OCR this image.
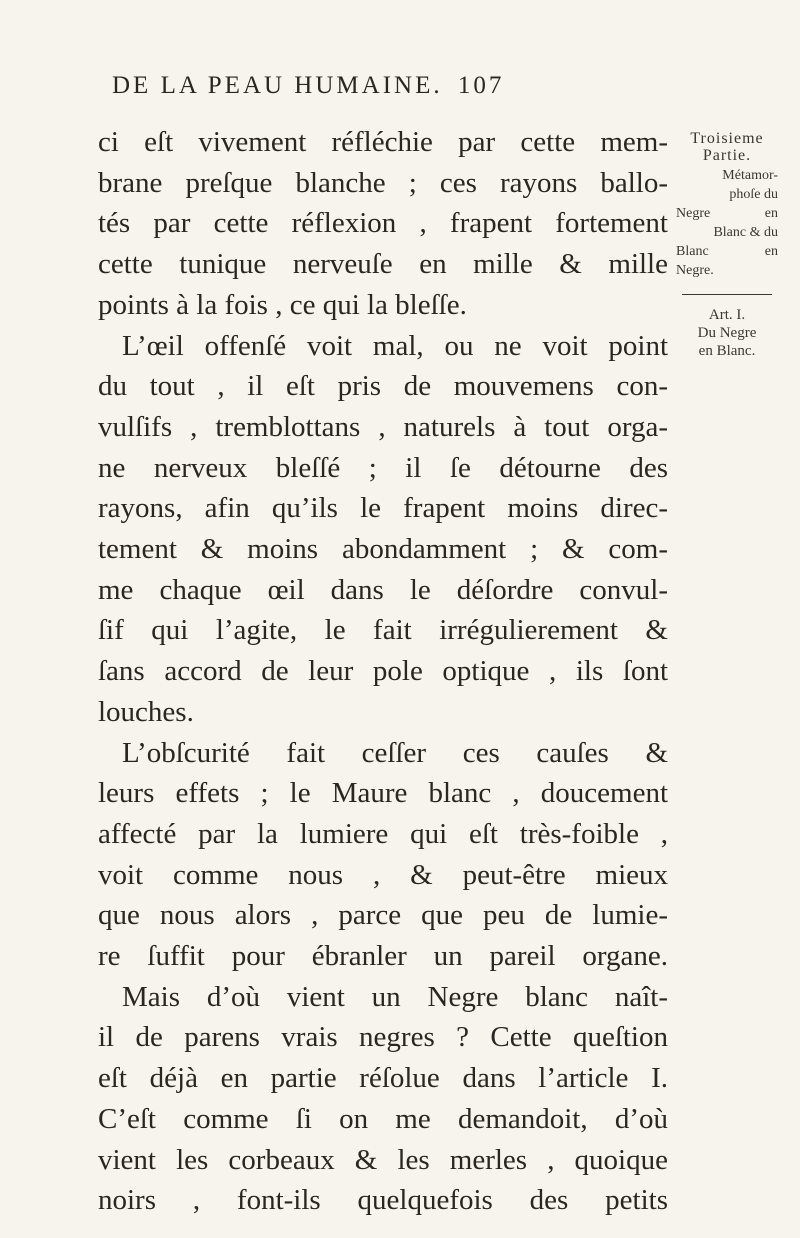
DE LA PEAU HUMAINE. 107
ci eſt vivement réfléchie par cette mem-
brane preſque blanche ; ces rayons ballo-
tés par cette réflexion , frapent fortement
cette tunique nerveuſe en mille & mille
points à la fois , ce qui la bleſſe.
L’œil offenſé voit mal, ou ne voit point
du tout , il eſt pris de mouvemens con-
vulſifs , tremblottans , naturels à tout orga-
ne nerveux bleſſé ; il ſe détourne des
rayons, afin qu’ils le frapent moins direc-
tement & moins abondamment ; & com-
me chaque œil dans le déſordre convul-
ſif qui l’agite, le fait irrégulierement &
ſans accord de leur pole optique , ils ſont
louches.
L’obſcurité fait ceſſer ces cauſes &
leurs effets ; le Maure blanc , doucement
affecté par la lumiere qui eſt très-foible ,
voit comme nous , & peut-être mieux
que nous alors , parce que peu de lumie-
re ſuffit pour ébranler un pareil organe.
Mais d’où vient un Negre blanc naît-
il de parens vrais negres ? Cette queſtion
eſt déjà en partie réſolue dans l’article I.
C’eſt comme ſi on me demandoit, d’où
vient les corbeaux & les merles , quoique
noirs , font-ils quelquefois des petits
Troisieme
Partie.
Métamor-
phoſe du
Negre en
Blanc & du
Blanc en
Negre.
Art. I.
Du Negre
en Blanc.
